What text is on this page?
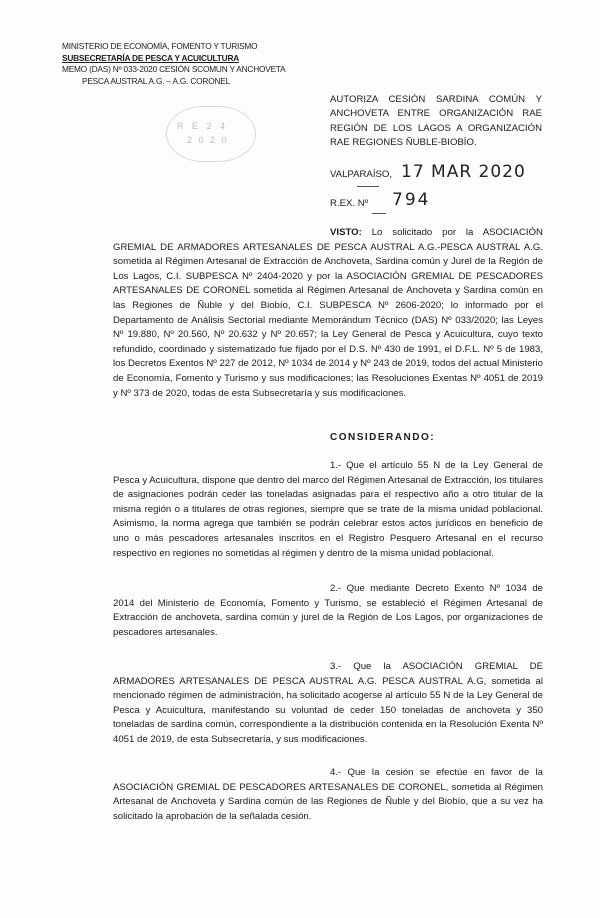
MINISTERIO DE ECONOMÍA, FOMENTO Y TURISMO
SUBSECRETARÍA DE PESCA Y ACUICULTURA
MEMO (DAS) Nº 033-2020 CESIÓN SCOMUN Y ANCHOVETA
PESCA AUSTRAL A.G. – A.G. CORONEL
R E 2 4
2 0 2 0
AUTORIZA CESIÓN SARDINA COMÚN Y ANCHOVETA ENTRE ORGANIZACIÓN RAE REGIÓN DE LOS LAGOS A ORGANIZACIÓN RAE REGIONES ÑUBLE-BIOBÍO.
VALPARAÍSO, 17 MAR 2020
R.EX. Nº 794
VISTO: Lo solicitado por la ASOCIACIÓN GREMIAL DE ARMADORES ARTESANALES DE PESCA AUSTRAL A.G.-PESCA AUSTRAL A.G. sometida al Régimen Artesanal de Extracción de Anchoveta, Sardina común y Jurel de la Región de Los Lagos, C.I. SUBPESCA Nº 2404-2020 y por la ASOCIACIÓN GREMIAL DE PESCADORES ARTESANALES DE CORONEL sometida al Régimen Artesanal de Anchoveta y Sardina común en las Regiones de Ñuble y del Biobío, C.I. SUBPESCA Nº 2606-2020; lo informado por el Departamento de Análisis Sectorial mediante Memorándum Técnico (DAS) Nº 033/2020; las Leyes Nº 19.880, Nº 20.560, Nº 20.632 y Nº 20.657; la Ley General de Pesca y Acuicultura, cuyo texto refundido, coordinado y sistematizado fue fijado por el D.S. Nº 430 de 1991, el D.F.L. Nº 5 de 1983, los Decretos Exentos Nº 227 de 2012, Nº 1034 de 2014 y Nº 243 de 2019, todos del actual Ministerio de Economía, Fomento y Turismo y sus modificaciones; las Resoluciones Exentas Nº 4051 de 2019 y Nº 373 de 2020, todas de esta Subsecretaría y sus modificaciones.
CONSIDERANDO:
1.- Que el artículo 55 N de la Ley General de Pesca y Acuicultura, dispone que dentro del marco del Régimen Artesanal de Extracción, los titulares de asignaciones podrán ceder las toneladas asignadas para el respectivo año a otro titular de la misma región o a titulares de otras regiones, siempre que se trate de la misma unidad poblacional. Asimismo, la norma agrega que también se podrán celebrar estos actos jurídicos en beneficio de uno o más pescadores artesanales inscritos en el Registro Pesquero Artesanal en el recurso respectivo en regiones no sometidas al régimen y dentro de la misma unidad poblacional.
2.- Que mediante Decreto Exento Nº 1034 de 2014 del Ministerio de Economía, Fomento y Turismo, se estableció el Régimen Artesanal de Extracción de anchoveta, sardina común y jurel de la Región de Los Lagos, por organizaciones de pescadores artesanales.
3.- Que la ASOCIACIÓN GREMIAL DE ARMADORES ARTESANALES DE PESCA AUSTRAL A.G. PESCA AUSTRAL A.G, sometida al mencionado régimen de administración, ha solicitado acogerse al artículo 55 N de la Ley General de Pesca y Acuicultura, manifestando su voluntad de ceder 150 toneladas de anchoveta y 350 toneladas de sardina común, correspondiente a la distribución contenida en la Resolución Exenta Nº 4051 de 2019, de esta Subsecretaría, y sus modificaciones.
4.- Que la cesión se efectúe en favor de la ASOCIACIÓN GREMIAL DE PESCADORES ARTESANALES DE CORONEL, sometida al Régimen Artesanal de Anchoveta y Sardina común de las Regiones de Ñuble y del Biobío, que a su vez ha solicitado la aprobación de la señalada cesión.
